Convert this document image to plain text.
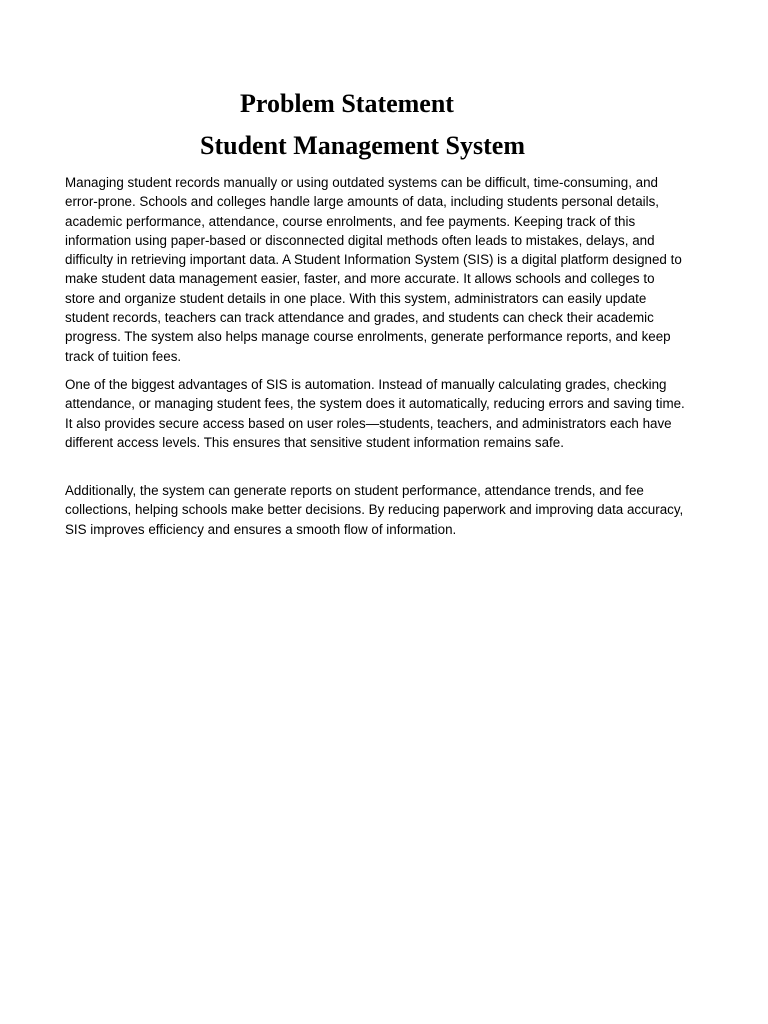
Problem Statement
Student Management System

Managing student records manually or using outdated systems can be difficult, time-consuming, and error-prone. Schools and colleges handle large amounts of data, including students personal details, academic performance, attendance, course enrolments, and fee payments. Keeping track of this information using paper-based or disconnected digital methods often leads to mistakes, delays, and difficulty in retrieving important data. A Student Information System (SIS) is a digital platform designed to make student data management easier, faster, and more accurate. It allows schools and colleges to store and organize student details in one place. With this system, administrators can easily update student records, teachers can track attendance and grades, and students can check their academic progress. The system also helps manage course enrolments, generate performance reports, and keep track of tuition fees.

One of the biggest advantages of SIS is automation. Instead of manually calculating grades, checking attendance, or managing student fees, the system does it automatically, reducing errors and saving time. It also provides secure access based on user roles—students, teachers, and administrators each have different access levels. This ensures that sensitive student information remains safe.

Additionally, the system can generate reports on student performance, attendance trends, and fee collections, helping schools make better decisions. By reducing paperwork and improving data accuracy, SIS improves efficiency and ensures a smooth flow of information.
